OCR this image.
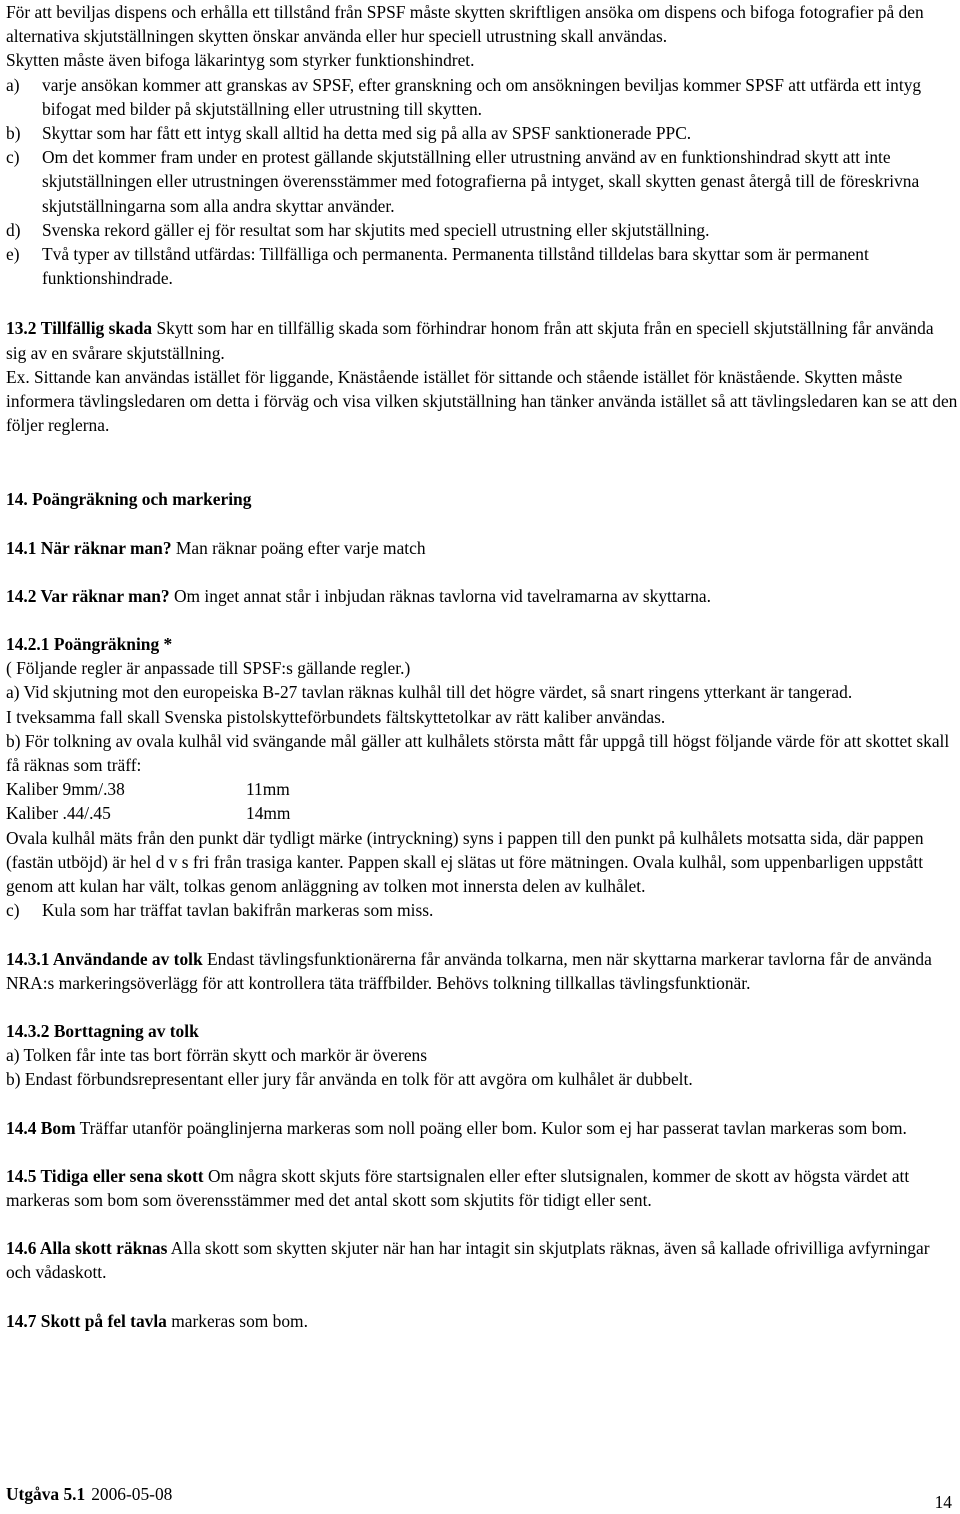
För att beviljas dispens och erhålla ett tillstånd från SPSF måste skytten skriftligen ansöka om dispens och bifoga fotografier på den alternativa skjutställningen skytten önskar använda eller hur speciell utrustning skall användas.

Skytten måste även bifoga läkarintyg som styrker funktionshindret.

a) varje ansökan kommer att granskas av SPSF, efter granskning och om ansökningen beviljas kommer SPSF att utfärda ett intyg bifogat med bilder på skjutställning eller utrustning till skytten.
b) Skyttar som har fått ett intyg skall alltid ha detta med sig på alla av SPSF sanktionerade PPC.
c) Om det kommer fram under en protest gällande skjutställning eller utrustning använd av en funktionshindrad skytt att inte skjutställningen eller utrustningen överensstämmer med fotografierna på intyget, skall skytten genast återgå till de föreskrivna skjutställningarna som alla andra skyttar använder.
d) Svenska rekord gäller ej för resultat som har skjutits med speciell utrustning eller skjutställning.
e) Två typer av tillstånd utfärdas: Tillfälliga och permanenta. Permanenta tillstånd tilldelas bara skyttar som är permanent funktionshindrade.

13.2 Tillfällig skada Skytt som har en tillfällig skada som förhindrar honom från att skjuta från en speciell skjutställning får använda sig av en svårare skjutställning.

Ex. Sittande kan användas istället för liggande, Knästående istället för sittande och stående istället för knästående. Skytten måste informera tävlingsledaren om detta i förväg och visa vilken skjutställning han tänker använda istället så att tävlingsledaren kan se att den följer reglerna.

14. Poängräkning och markering

14.1 När räknar man? Man räknar poäng efter varje match

14.2 Var räknar man? Om inget annat står i inbjudan räknas tavlorna vid tavelramarna av skyttarna.

14.2.1 Poängräkning *

( Följande regler är anpassade till SPSF:s gällande regler.)

a) Vid skjutning mot den europeiska B-27 tavlan räknas kulhål till det högre värdet, så snart ringens ytterkant är tangerad.

I tveksamma fall skall Svenska pistolskytteförbundets fältskyttetolkar av rätt kaliber användas.

b) För tolkning av ovala kulhål vid svängande mål gäller att kulhålets största mått får uppgå till högst följande värde för att skottet skall få räknas som träff:

Kaliber 9mm/.38	11mm
Kaliber .44/.45	14mm

Ovala kulhål mäts från den punkt där tydligt märke (intryckning) syns i pappen till den punkt på kulhålets motsatta sida, där pappen (fastän utböjd) är hel d v s fri från trasiga kanter. Pappen skall ej slätas ut före mätningen. Ovala kulhål, som uppenbarligen uppstått genom att kulan har vält, tolkas genom anläggning av tolken mot innersta delen av kulhålet.

c) Kula som har träffat tavlan bakifrån markeras som miss.

14.3.1 Användande av tolk Endast tävlingsfunktionärerna får använda tolkarna, men när skyttarna markerar tavlorna får de använda NRA:s markeringsöverlägg för att kontrollera täta träffbilder. Behövs tolkning tillkallas tävlingsfunktionär.

14.3.2 Borttagning av tolk

a) Tolken får inte tas bort förrän skytt och markör är överens

b) Endast förbundsrepresentant eller jury får använda en tolk för att avgöra om kulhålet är dubbelt.

14.4 Bom Träffar utanför poänglinjerna markeras som noll poäng eller bom. Kulor som ej har passerat tavlan markeras som bom.

14.5 Tidiga eller sena skott Om några skott skjuts före startsignalen eller efter slutsignalen, kommer de skott av högsta värdet att markeras som bom som överensstämmer med det antal skott som skjutits för tidigt eller sent.

14.6 Alla skott räknas Alla skott som skytten skjuter när han har intagit sin skjutplats räknas, även så kallade ofrivilliga avfyrningar och vådaskott.

14.7 Skott på fel tavla markeras som bom.

Utgåva 5.1 2006-05-08	14
